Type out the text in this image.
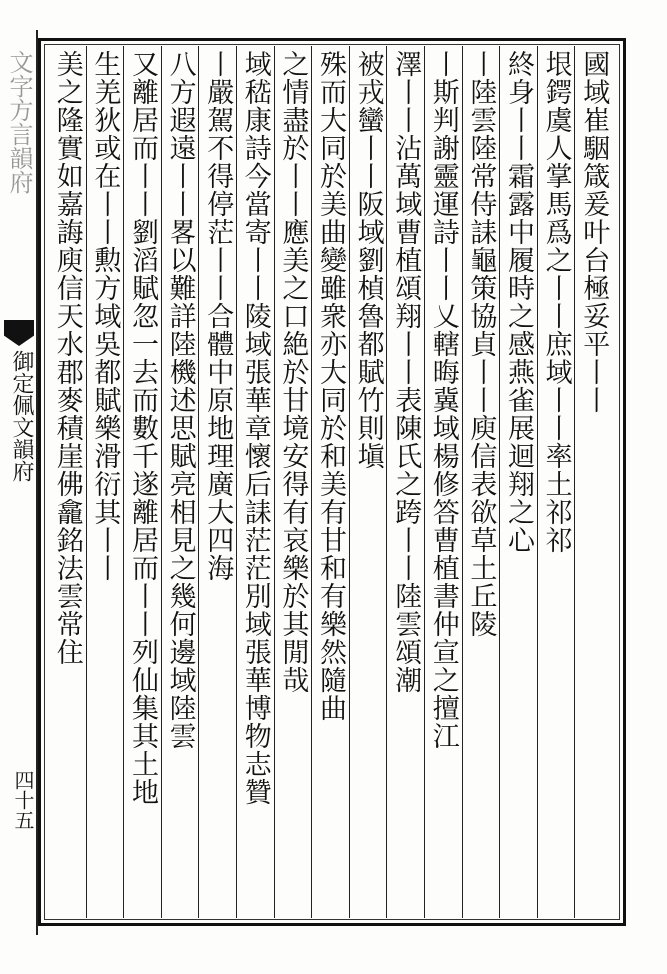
文字方言韻府
御定佩文韻府
四十五
國域崔駰箴爰叶台極妥平丨丨
垠鍔虞人掌馬爲之丨丨庶域丨丨率土祁祁
終身丨丨霜露中履時之感燕雀展迴翔之心
丨陸雲陸常侍誄龜策協貞丨丨庾信表欲草土丘陵
丨斯判謝靈運詩丨丨乂轄晦冀域楊修答曹植書仲宣之擅江
澤丨丨沾萬域曹植頌翔丨丨表陳氏之跨丨丨陸雲頌潮
被戎蠻丨丨阪域劉楨魯都賦竹則塡
殊而大同於美曲變雖衆亦大同於和美有甘和有樂然隨曲
之情盡於丨丨應美之口絶於甘境安得有哀樂於其閒哉
域嵇康詩今當寄丨丨陵域張華章懷后誄茫茫別域張華博物志贊
丨嚴駕不得停茫丨丨合體中原地理廣大四海
八方遐遠丨丨畧以難詳陸機述思賦亮相見之幾何邊域陸雲
又離居而丨丨劉滔賦忽一去而數千遂離居而丨丨列仙集其土地
生羌狄或在丨丨勲方域吳都賦樂滑衍其丨丨
美之隆實如嘉誨庾信天水郡麥積崖佛龕銘法雲常住
